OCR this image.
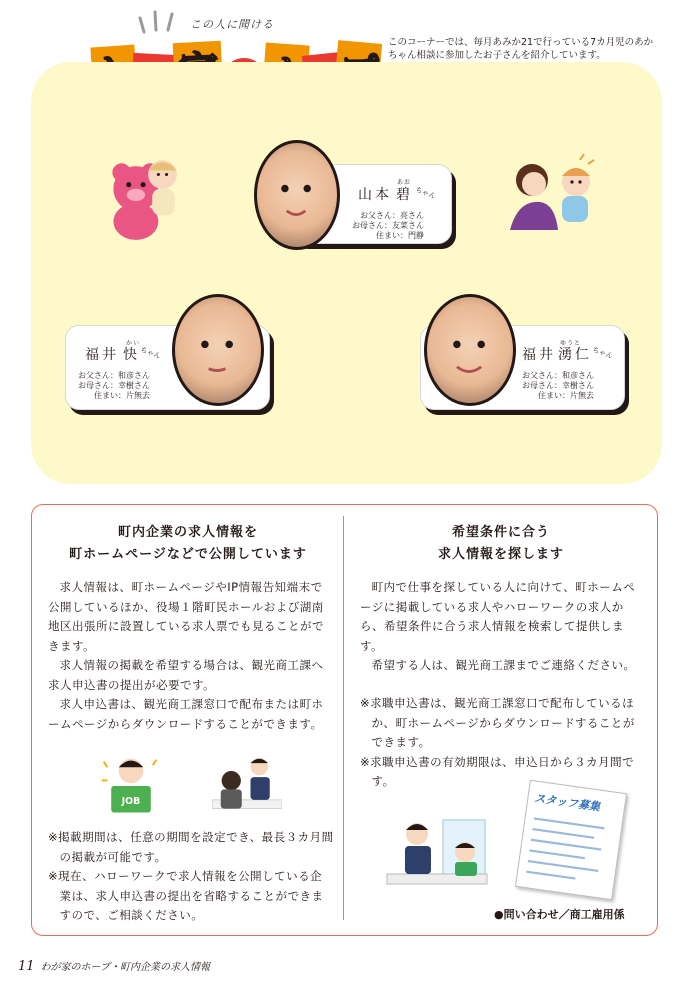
この人に聞ける
このコーナーでは、毎月あみか21で行っている7カ月児のあかちゃん相談に参加したお子さんを紹介しています。
あお
山本 碧 ちゃん
お父さん：亮さん
お母さん：友菜さん
住まい：門静
かい
福井 快 ちゃん
お父さん：和彦さん
お母さん：幸樹さん
住まい：片無去
ゆうと
福井 湧仁 ちゃん
お父さん：和彦さん
お母さん：幸樹さん
住まい：片無去
町内企業の求人情報を
町ホームページなどで公開しています

求人情報は、町ホームページやIP情報告知端末で公開しているほか、役場１階町民ホールおよび湖南地区出張所に設置している求人票でも見ることができます。

求人情報の掲載を希望する場合は、観光商工課へ求人申込書の提出が必要です。

求人申込書は、観光商工課窓口で配布または町ホームページからダウンロードすることができます。

JOB

※掲載期間は、任意の期間を設定でき、最長３カ月間の掲載が可能です。

※現在、ハローワークで求人情報を公開している企業は、求人申込書の提出を省略することができますので、ご相談ください。

希望条件に合う
求人情報を探します

町内で仕事を探している人に向けて、町ホームページに掲載している求人やハローワークの求人から、希望条件に合う求人情報を検索して提供します。

希望する人は、観光商工課までご連絡ください。

※求職申込書は、観光商工課窓口で配布しているほか、町ホームページからダウンロードすることができます。

※求職申込書の有効期限は、申込日から３カ月間です。

スタッフ募集
●問い合わせ／商工雇用係
11 わが家のホープ・町内企業の求人情報
